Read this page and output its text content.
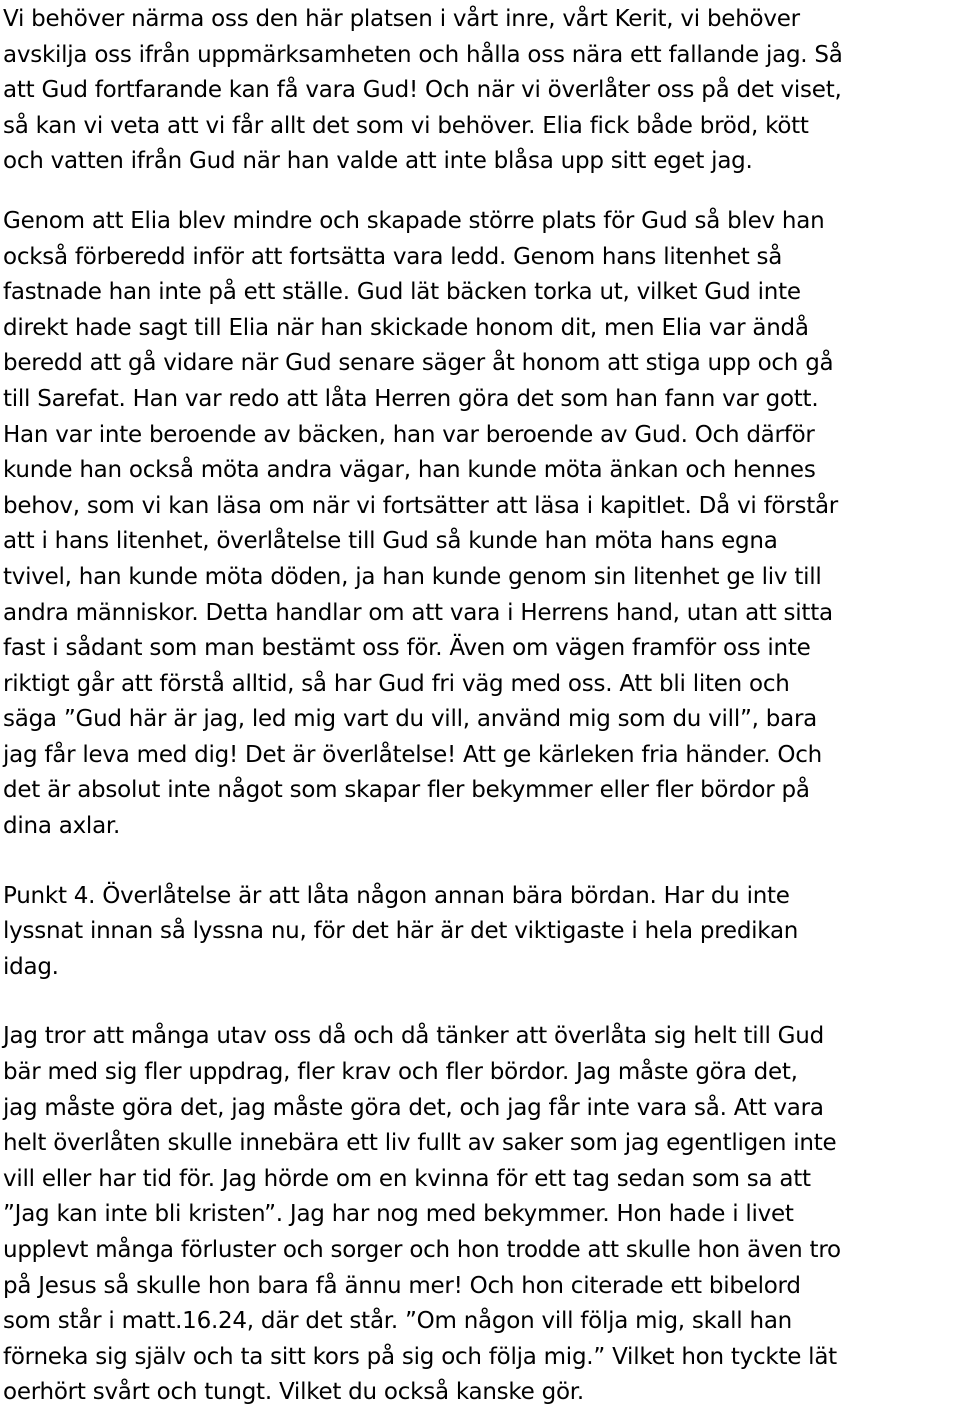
Vi behöver närma oss den här platsen i vårt inre, vårt Kerit, vi behöver
avskilja oss ifrån uppmärksamheten och hålla oss nära ett fallande jag. Så
att Gud fortfarande kan få vara Gud! Och när vi överlåter oss på det viset,
så kan vi veta att vi får allt det som vi behöver. Elia fick både bröd, kött
och vatten ifrån Gud när han valde att inte blåsa upp sitt eget jag.

Genom att Elia blev mindre och skapade större plats för Gud så blev han
också förberedd inför att fortsätta vara ledd. Genom hans litenhet så
fastnade han inte på ett ställe. Gud lät bäcken torka ut, vilket Gud inte
direkt hade sagt till Elia när han skickade honom dit, men Elia var ändå
beredd att gå vidare när Gud senare säger åt honom att stiga upp och gå
till Sarefat. Han var redo att låta Herren göra det som han fann var gott.
Han var inte beroende av bäcken, han var beroende av Gud. Och därför
kunde han också möta andra vägar, han kunde möta änkan och hennes
behov, som vi kan läsa om när vi fortsätter att läsa i kapitlet. Då vi förstår
att i hans litenhet, överlåtelse till Gud så kunde han möta hans egna
tvivel, han kunde möta döden, ja han kunde genom sin litenhet ge liv till
andra människor. Detta handlar om att vara i Herrens hand, utan att sitta
fast i sådant som man bestämt oss för. Även om vägen framför oss inte
riktigt går att förstå alltid, så har Gud fri väg med oss. Att bli liten och
säga ”Gud här är jag, led mig vart du vill, använd mig som du vill”, bara
jag får leva med dig! Det är överlåtelse! Att ge kärleken fria händer. Och
det är absolut inte något som skapar fler bekymmer eller fler bördor på
dina axlar.

Punkt 4. Överlåtelse är att låta någon annan bära bördan. Har du inte
lyssnat innan så lyssna nu, för det här är det viktigaste i hela predikan
idag.

Jag tror att många utav oss då och då tänker att överlåta sig helt till Gud
bär med sig fler uppdrag, fler krav och fler bördor. Jag måste göra det,
jag måste göra det, jag måste göra det, och jag får inte vara så. Att vara
helt överlåten skulle innebära ett liv fullt av saker som jag egentligen inte
vill eller har tid för. Jag hörde om en kvinna för ett tag sedan som sa att
”Jag kan inte bli kristen”. Jag har nog med bekymmer. Hon hade i livet
upplevt många förluster och sorger och hon trodde att skulle hon även tro
på Jesus så skulle hon bara få ännu mer! Och hon citerade ett bibelord
som står i matt.16.24, där det står. ”Om någon vill följa mig, skall han
förneka sig själv och ta sitt kors på sig och följa mig.” Vilket hon tyckte lät
oerhört svårt och tungt. Vilket du också kanske gör.
